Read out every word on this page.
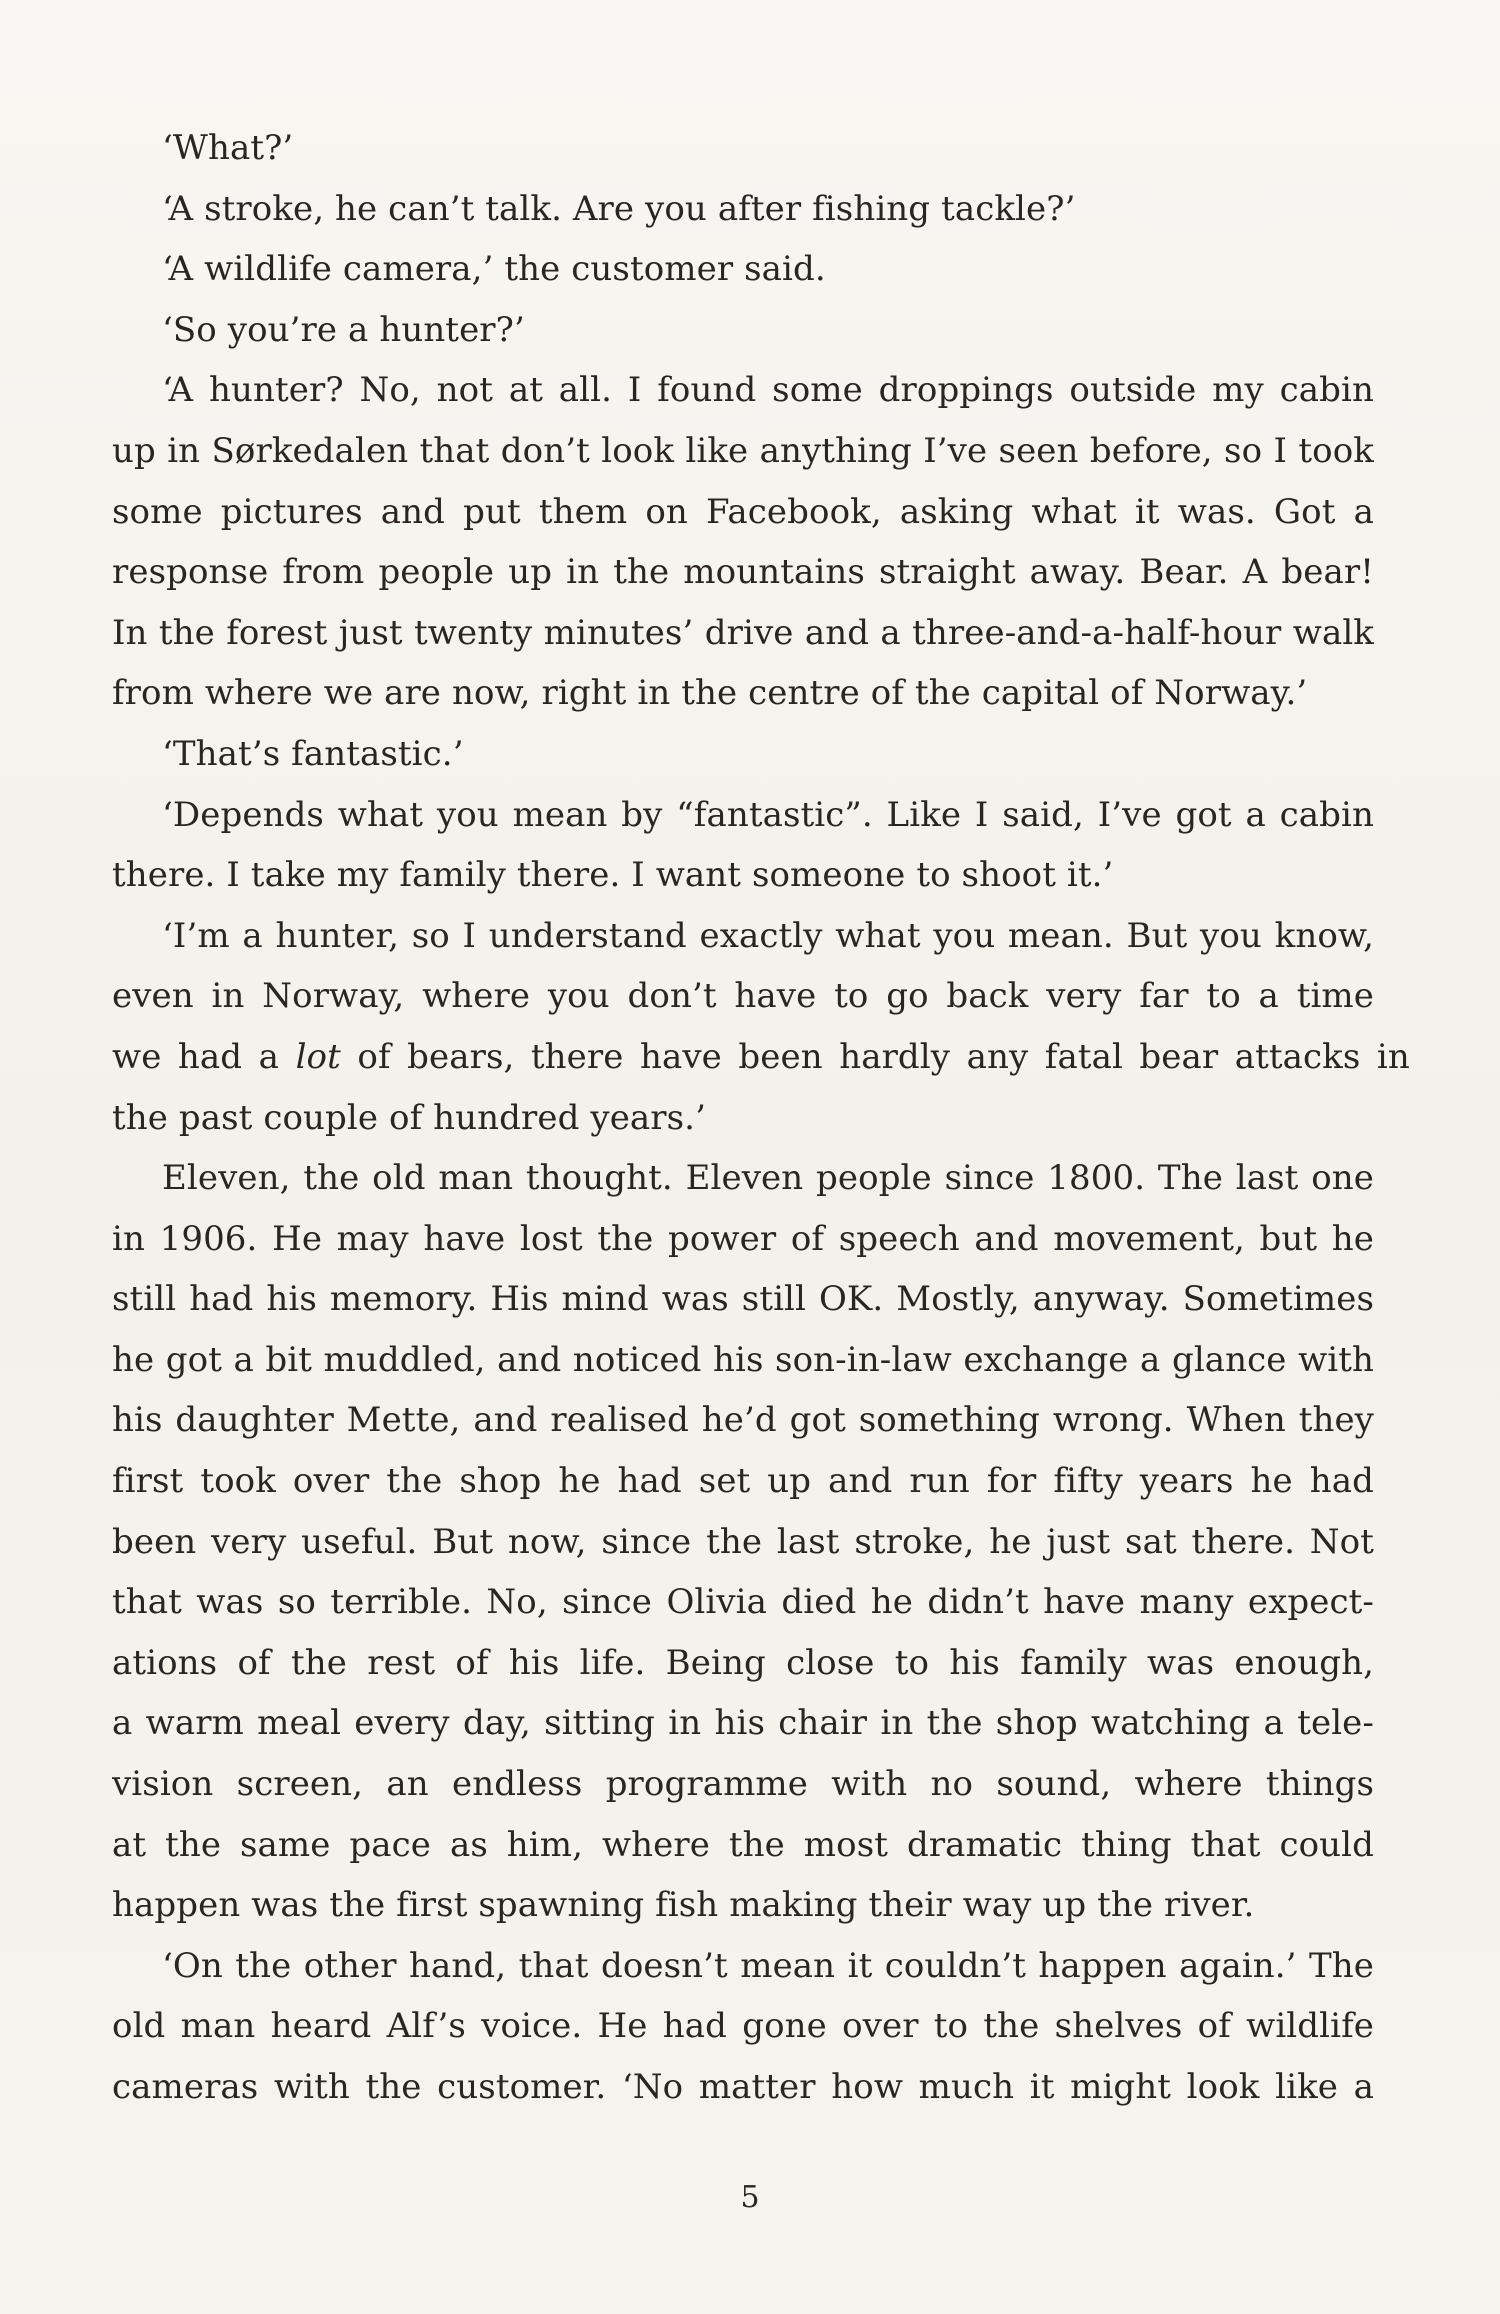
‘What?’
‘A stroke, he can’t talk. Are you after fishing tackle?’
‘A wildlife camera,’ the customer said.
‘So you’re a hunter?’
‘A hunter? No, not at all. I found some droppings outside my cabin
up in Sørkedalen that don’t look like anything I’ve seen before, so I took
some pictures and put them on Facebook, asking what it was. Got a
response from people up in the mountains straight away. Bear. A bear!
In the forest just twenty minutes’ drive and a three-and-a-half-hour walk
from where we are now, right in the centre of the capital of Norway.’
‘That’s fantastic.’
‘Depends what you mean by “fantastic”. Like I said, I’ve got a cabin
there. I take my family there. I want someone to shoot it.’
‘I’m a hunter, so I understand exactly what you mean. But you know,
even in Norway, where you don’t have to go back very far to a time
we had a lot of bears, there have been hardly any fatal bear attacks in
the past couple of hundred years.’
Eleven, the old man thought. Eleven people since 1800. The last one
in 1906. He may have lost the power of speech and movement, but he
still had his memory. His mind was still OK. Mostly, anyway. Sometimes
he got a bit muddled, and noticed his son-in-law exchange a glance with
his daughter Mette, and realised he’d got something wrong. When they
first took over the shop he had set up and run for fifty years he had
been very useful. But now, since the last stroke, he just sat there. Not
that was so terrible. No, since Olivia died he didn’t have many expect-
ations of the rest of his life. Being close to his family was enough,
a warm meal every day, sitting in his chair in the shop watching a tele-
vision screen, an endless programme with no sound, where things
at the same pace as him, where the most dramatic thing that could
happen was the first spawning fish making their way up the river.
‘On the other hand, that doesn’t mean it couldn’t happen again.’ The
old man heard Alf’s voice. He had gone over to the shelves of wildlife
cameras with the customer. ‘No matter how much it might look like a
5
